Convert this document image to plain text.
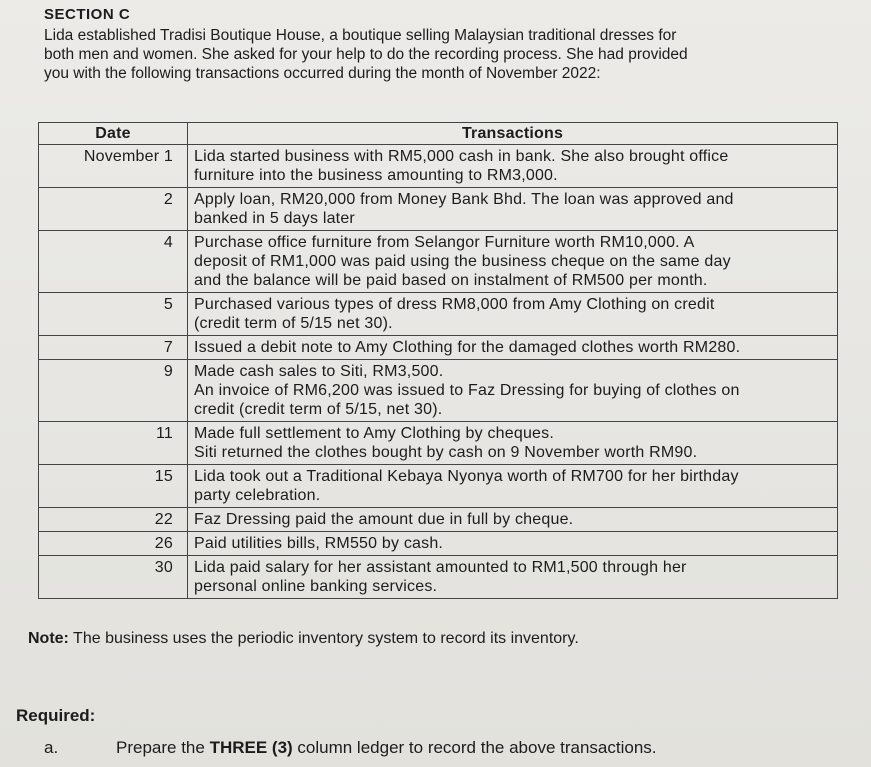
SECTION C

Lida established Tradisi Boutique House, a boutique selling Malaysian traditional dresses for

both men and women. She asked for your help to do the recording process. She had provided

you with the following transactions occurred during the month of November 2022:

Date	Transactions
November 1	Lida started business with RM5,000 cash in bank. She also brought office
furniture into the business amounting to RM3,000.
2	Apply loan, RM20,000 from Money Bank Bhd. The loan was approved and
banked in 5 days later
4	Purchase office furniture from Selangor Furniture worth RM10,000. A
deposit of RM1,000 was paid using the business cheque on the same day
and the balance will be paid based on instalment of RM500 per month.
5	Purchased various types of dress RM8,000 from Amy Clothing on credit
(credit term of 5/15 net 30).
7	Issued a debit note to Amy Clothing for the damaged clothes worth RM280.
9	Made cash sales to Siti, RM3,500.
An invoice of RM6,200 was issued to Faz Dressing for buying of clothes on
credit (credit term of 5/15, net 30).
11	Made full settlement to Amy Clothing by cheques.
Siti returned the clothes bought by cash on 9 November worth RM90.
15	Lida took out a Traditional Kebaya Nyonya worth of RM700 for her birthday
party celebration.
22	Faz Dressing paid the amount due in full by cheque.
26	Paid utilities bills, RM550 by cash.
30	Lida paid salary for her assistant amounted to RM1,500 through her
personal online banking services.
Note: The business uses the periodic inventory system to record its inventory.
Required:
a.	Prepare the THREE (3) column ledger to record the above transactions.
